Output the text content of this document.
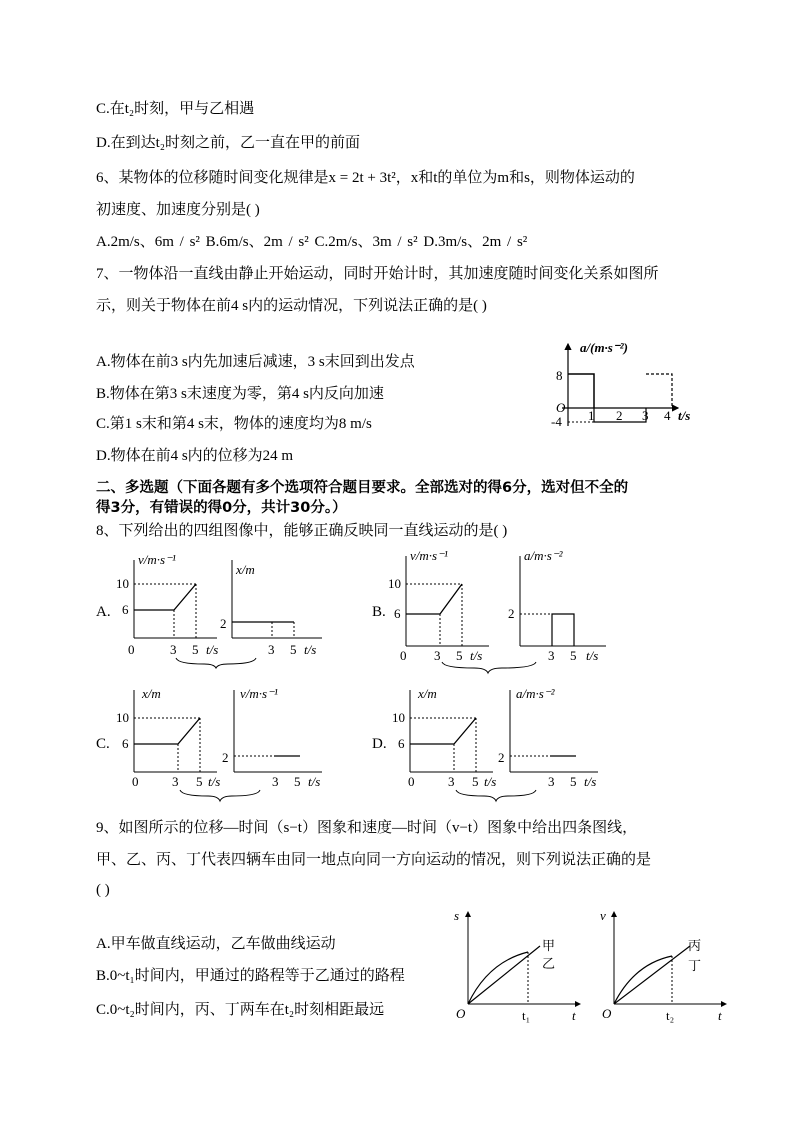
C.在t₂时刻，甲与乙相遇
D.在到达t₂时刻之前，乙一直在甲的前面
6、某物体的位移随时间变化规律是x = 2t + 3t²，x和t的单位为m和s，则物体运动的
初速度、加速度分别是( )
A.2m/s、6m / s² B.6m/s、2m / s² C.2m/s、3m / s² D.3m/s、2m / s²
7、一物体沿一直线由静止开始运动，同时开始计时，其加速度随时间变化关系如图所
示，则关于物体在前4 s内的运动情况，下列说法正确的是( )
A.物体在前3 s内先加速后减速，3 s末回到出发点
B.物体在第3 s末速度为零，第4 s内反向加速
C.第1 s末和第4 s末，物体的速度均为8 m/s
D.物体在前4 s内的位移为24 m
二、多选题（下面各题有多个选项符合题目要求。全部选对的得6分，选对但不全的
得3分，有错误的得0分，共计30分。）
8、下列给出的四组图像中，能够正确反映同一直线运动的是( )
9、如图所示的位移—时间（s−t）图象和速度—时间（v−t）图象中给出四条图线，
甲、乙、丙、丁代表四辆车由同一地点向同一方向运动的情况，则下列说法正确的是
( )
A.甲车做直线运动，乙车做曲线运动
B.0~t₁时间内，甲通过的路程等于乙通过的路程
C.0~t₂时间内，丙、丁两车在t₂时刻相距最远
a/(m·s⁻²)
8
O
-4 1 2 3 4 t/s
A.
v/m·s⁻¹
10
6
0	3 5 t/s
x/m
2
3 5 t/s
B.
v/m·s⁻¹
10
6
0 3 5 t/s
a/m·s⁻²
2
3 5 t/s
C.
x/m
10
6
0	3 5 t/s
v/m·s⁻¹
2
3 5 t/s
D.
x/m
10
6
0	3 5 t/s
a/m·s⁻²
2
3 5 t/s
s
O	t
t₁
甲
乙
v
O	t
t₂
丙
丁
